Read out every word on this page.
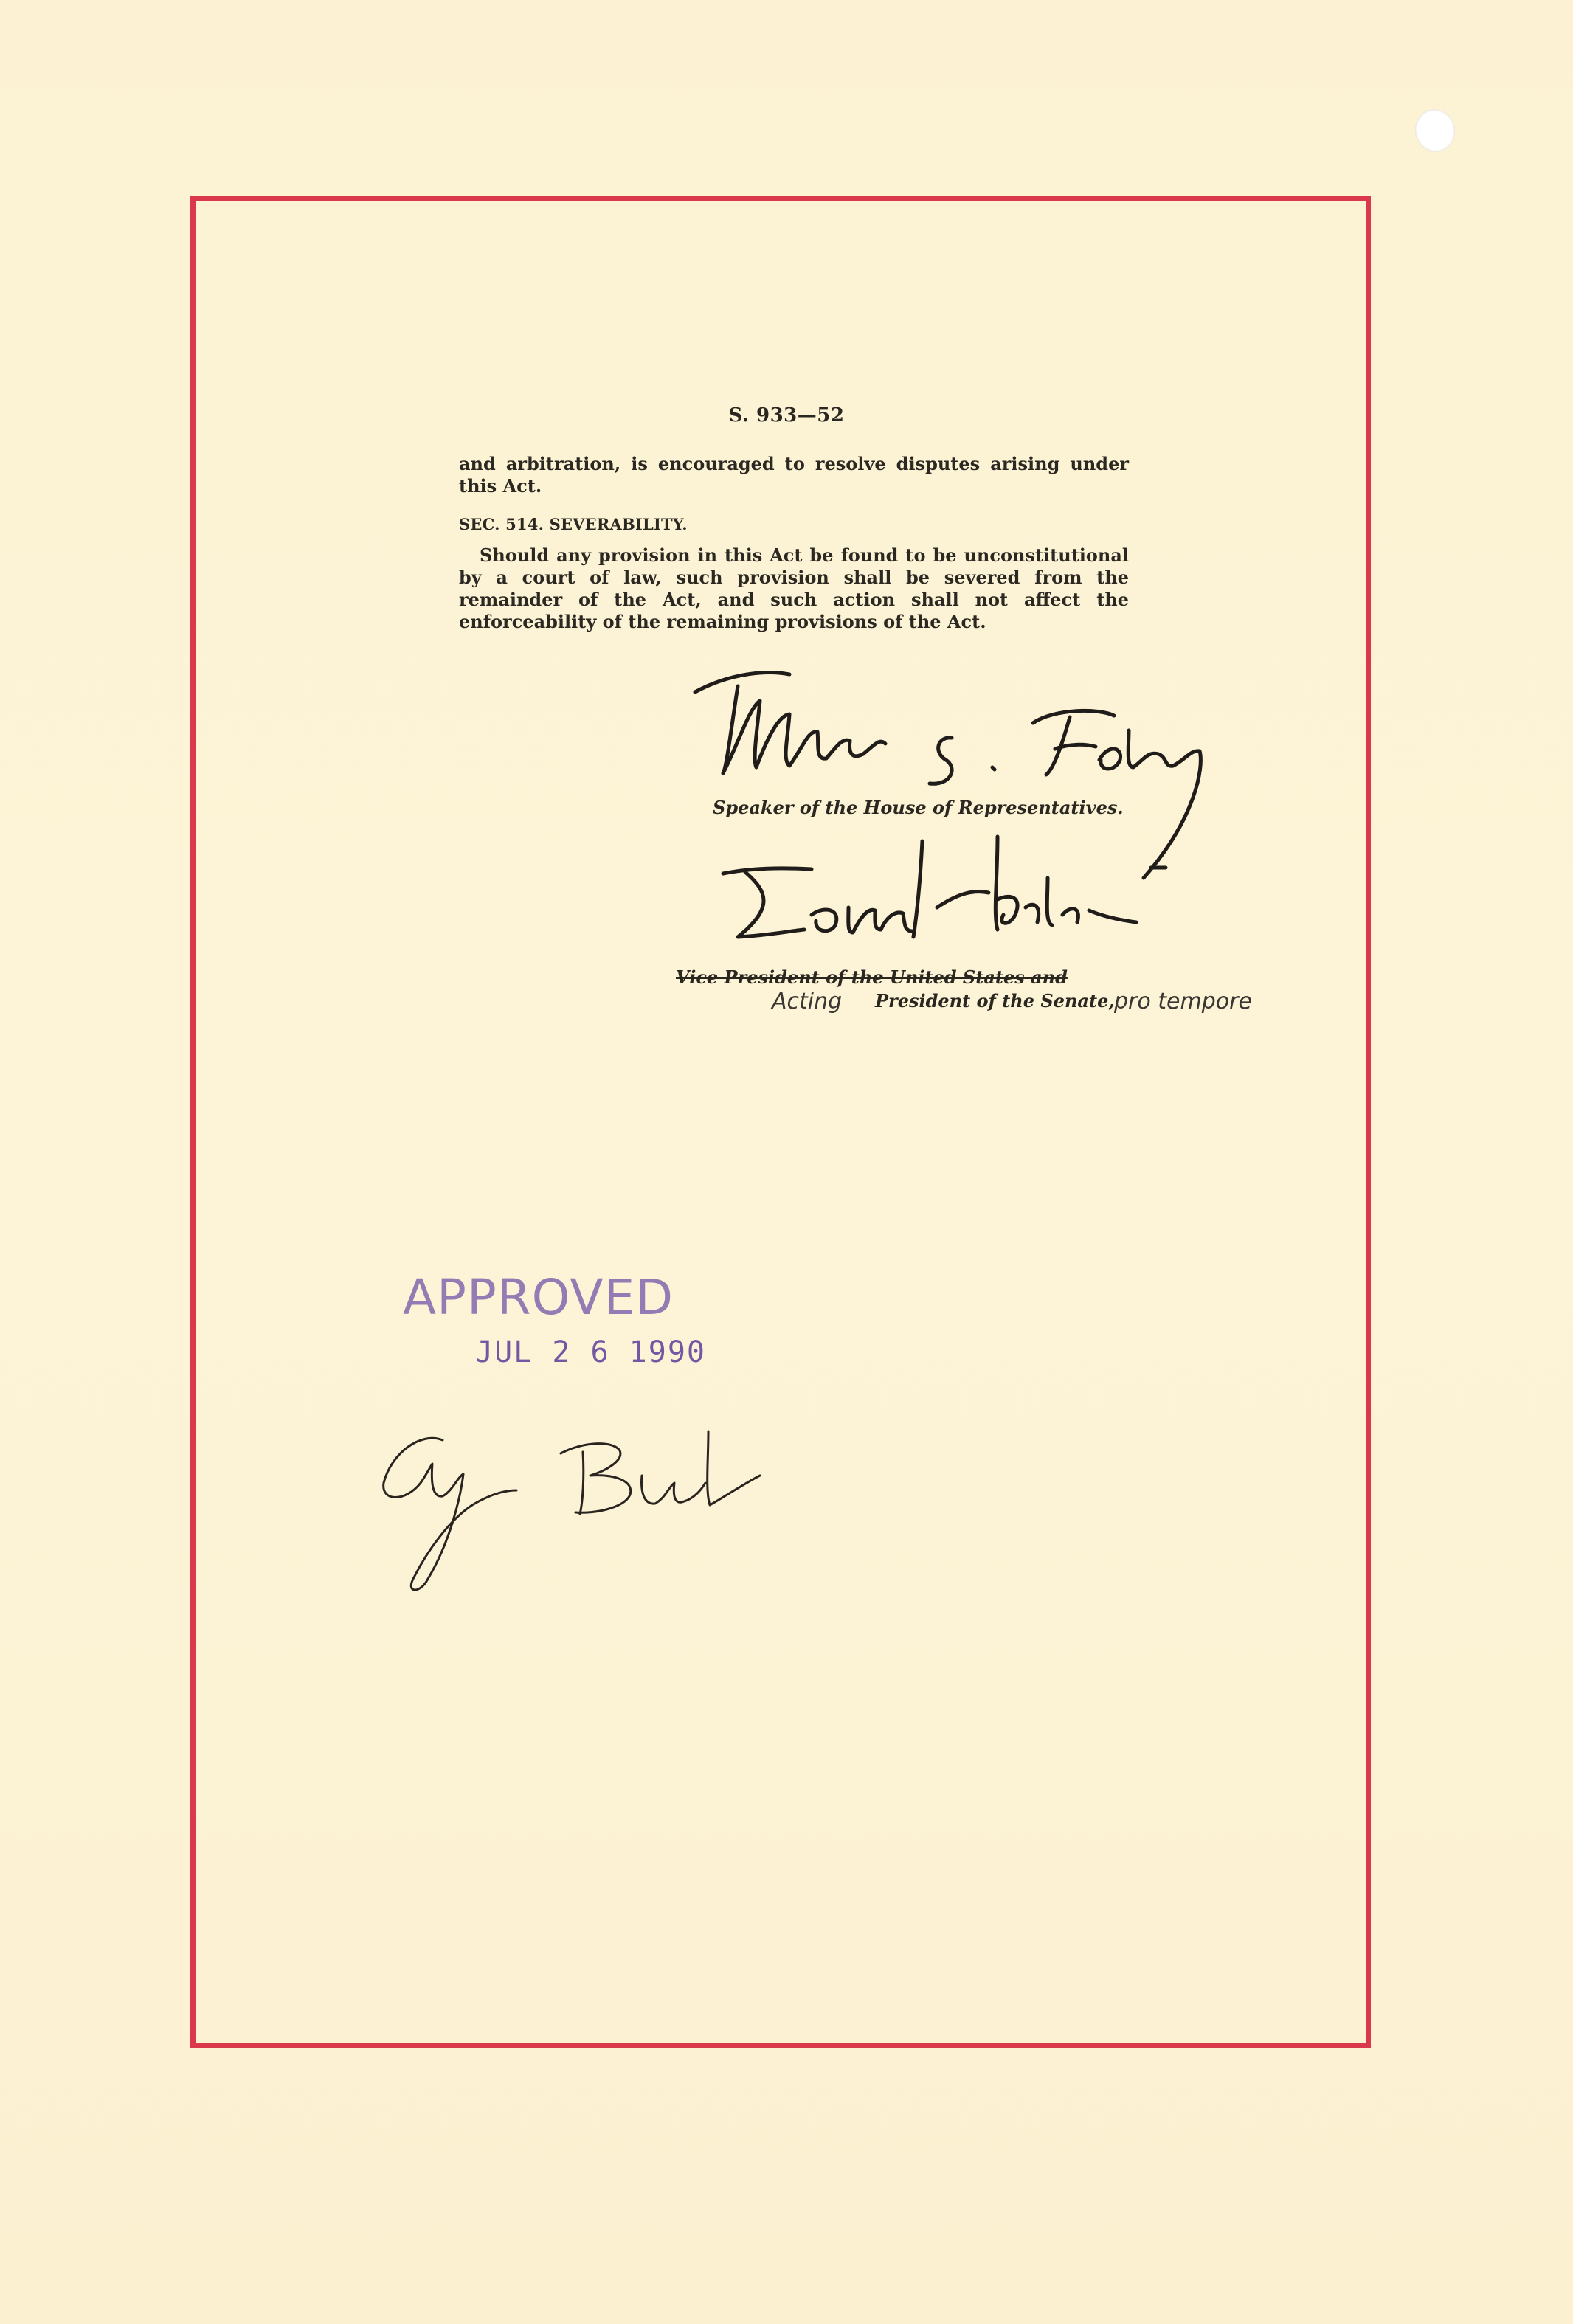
S. 933—52

and arbitration, is encouraged to resolve disputes arising under this Act.

SEC. 514. SEVERABILITY.

Should any provision in this Act be found to be unconstitutional by a court of law, such provision shall be severed from the remainder of the Act, and such action shall not affect the enforceability of the remaining provisions of the Act.

Speaker of the House of Representatives.
Vice President of the United States and
Acting President of the Senate, pro tempore
APPROVED
JUL 2 6 1990
